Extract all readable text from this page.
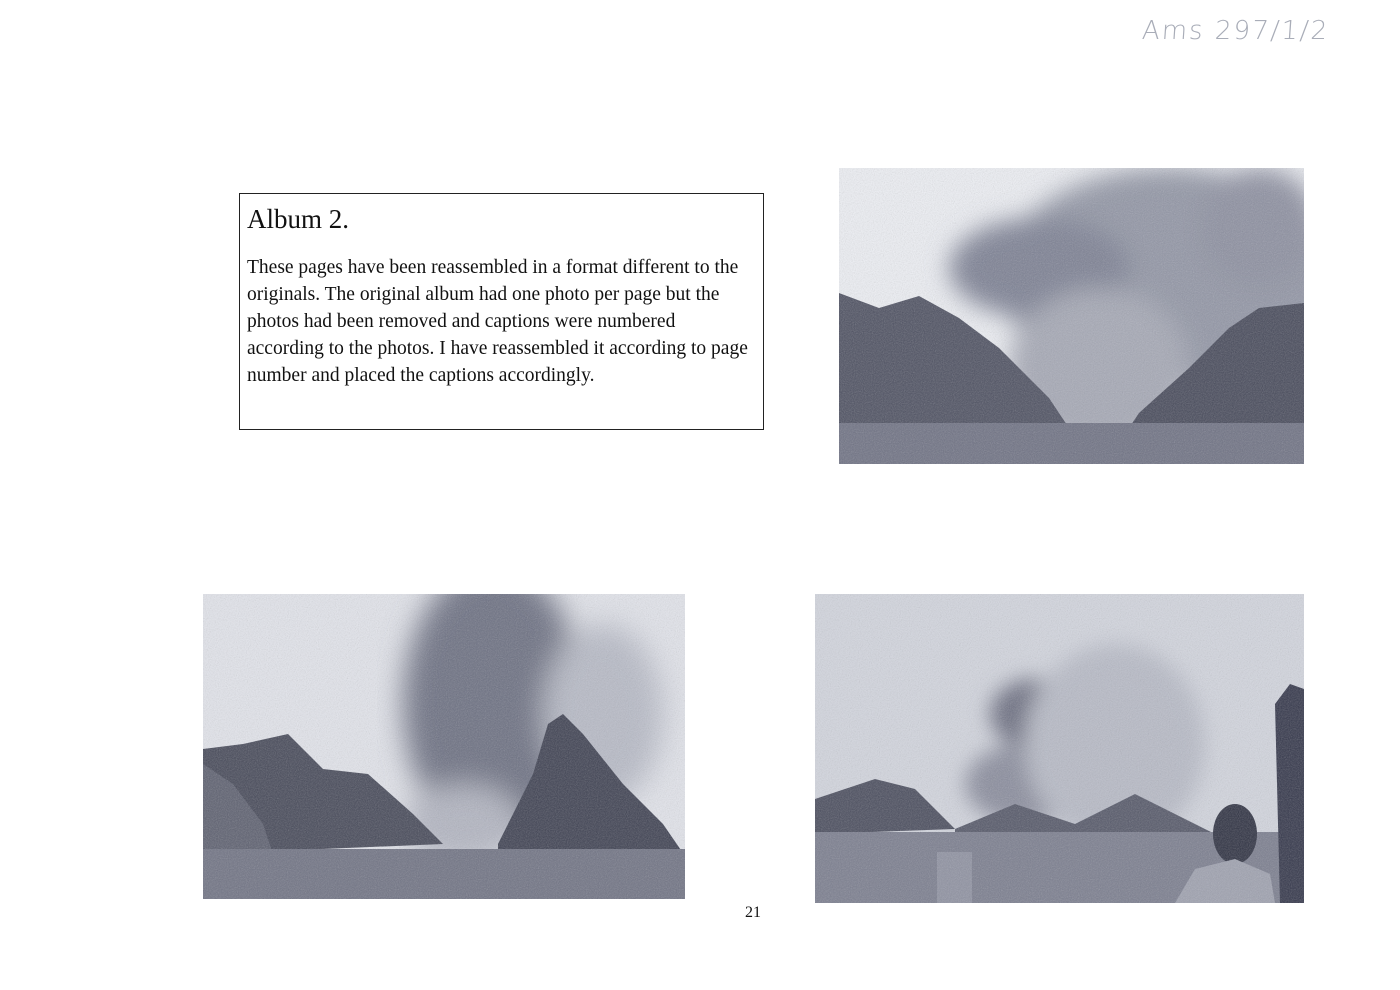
Ams 297/1/2
Album 2.

These pages have been reassembled in a format different to the originals. The original album had one photo per page but the photos had been removed and captions were numbered according to the photos. I have reassembled it according to page number and placed the captions accordingly.

21
